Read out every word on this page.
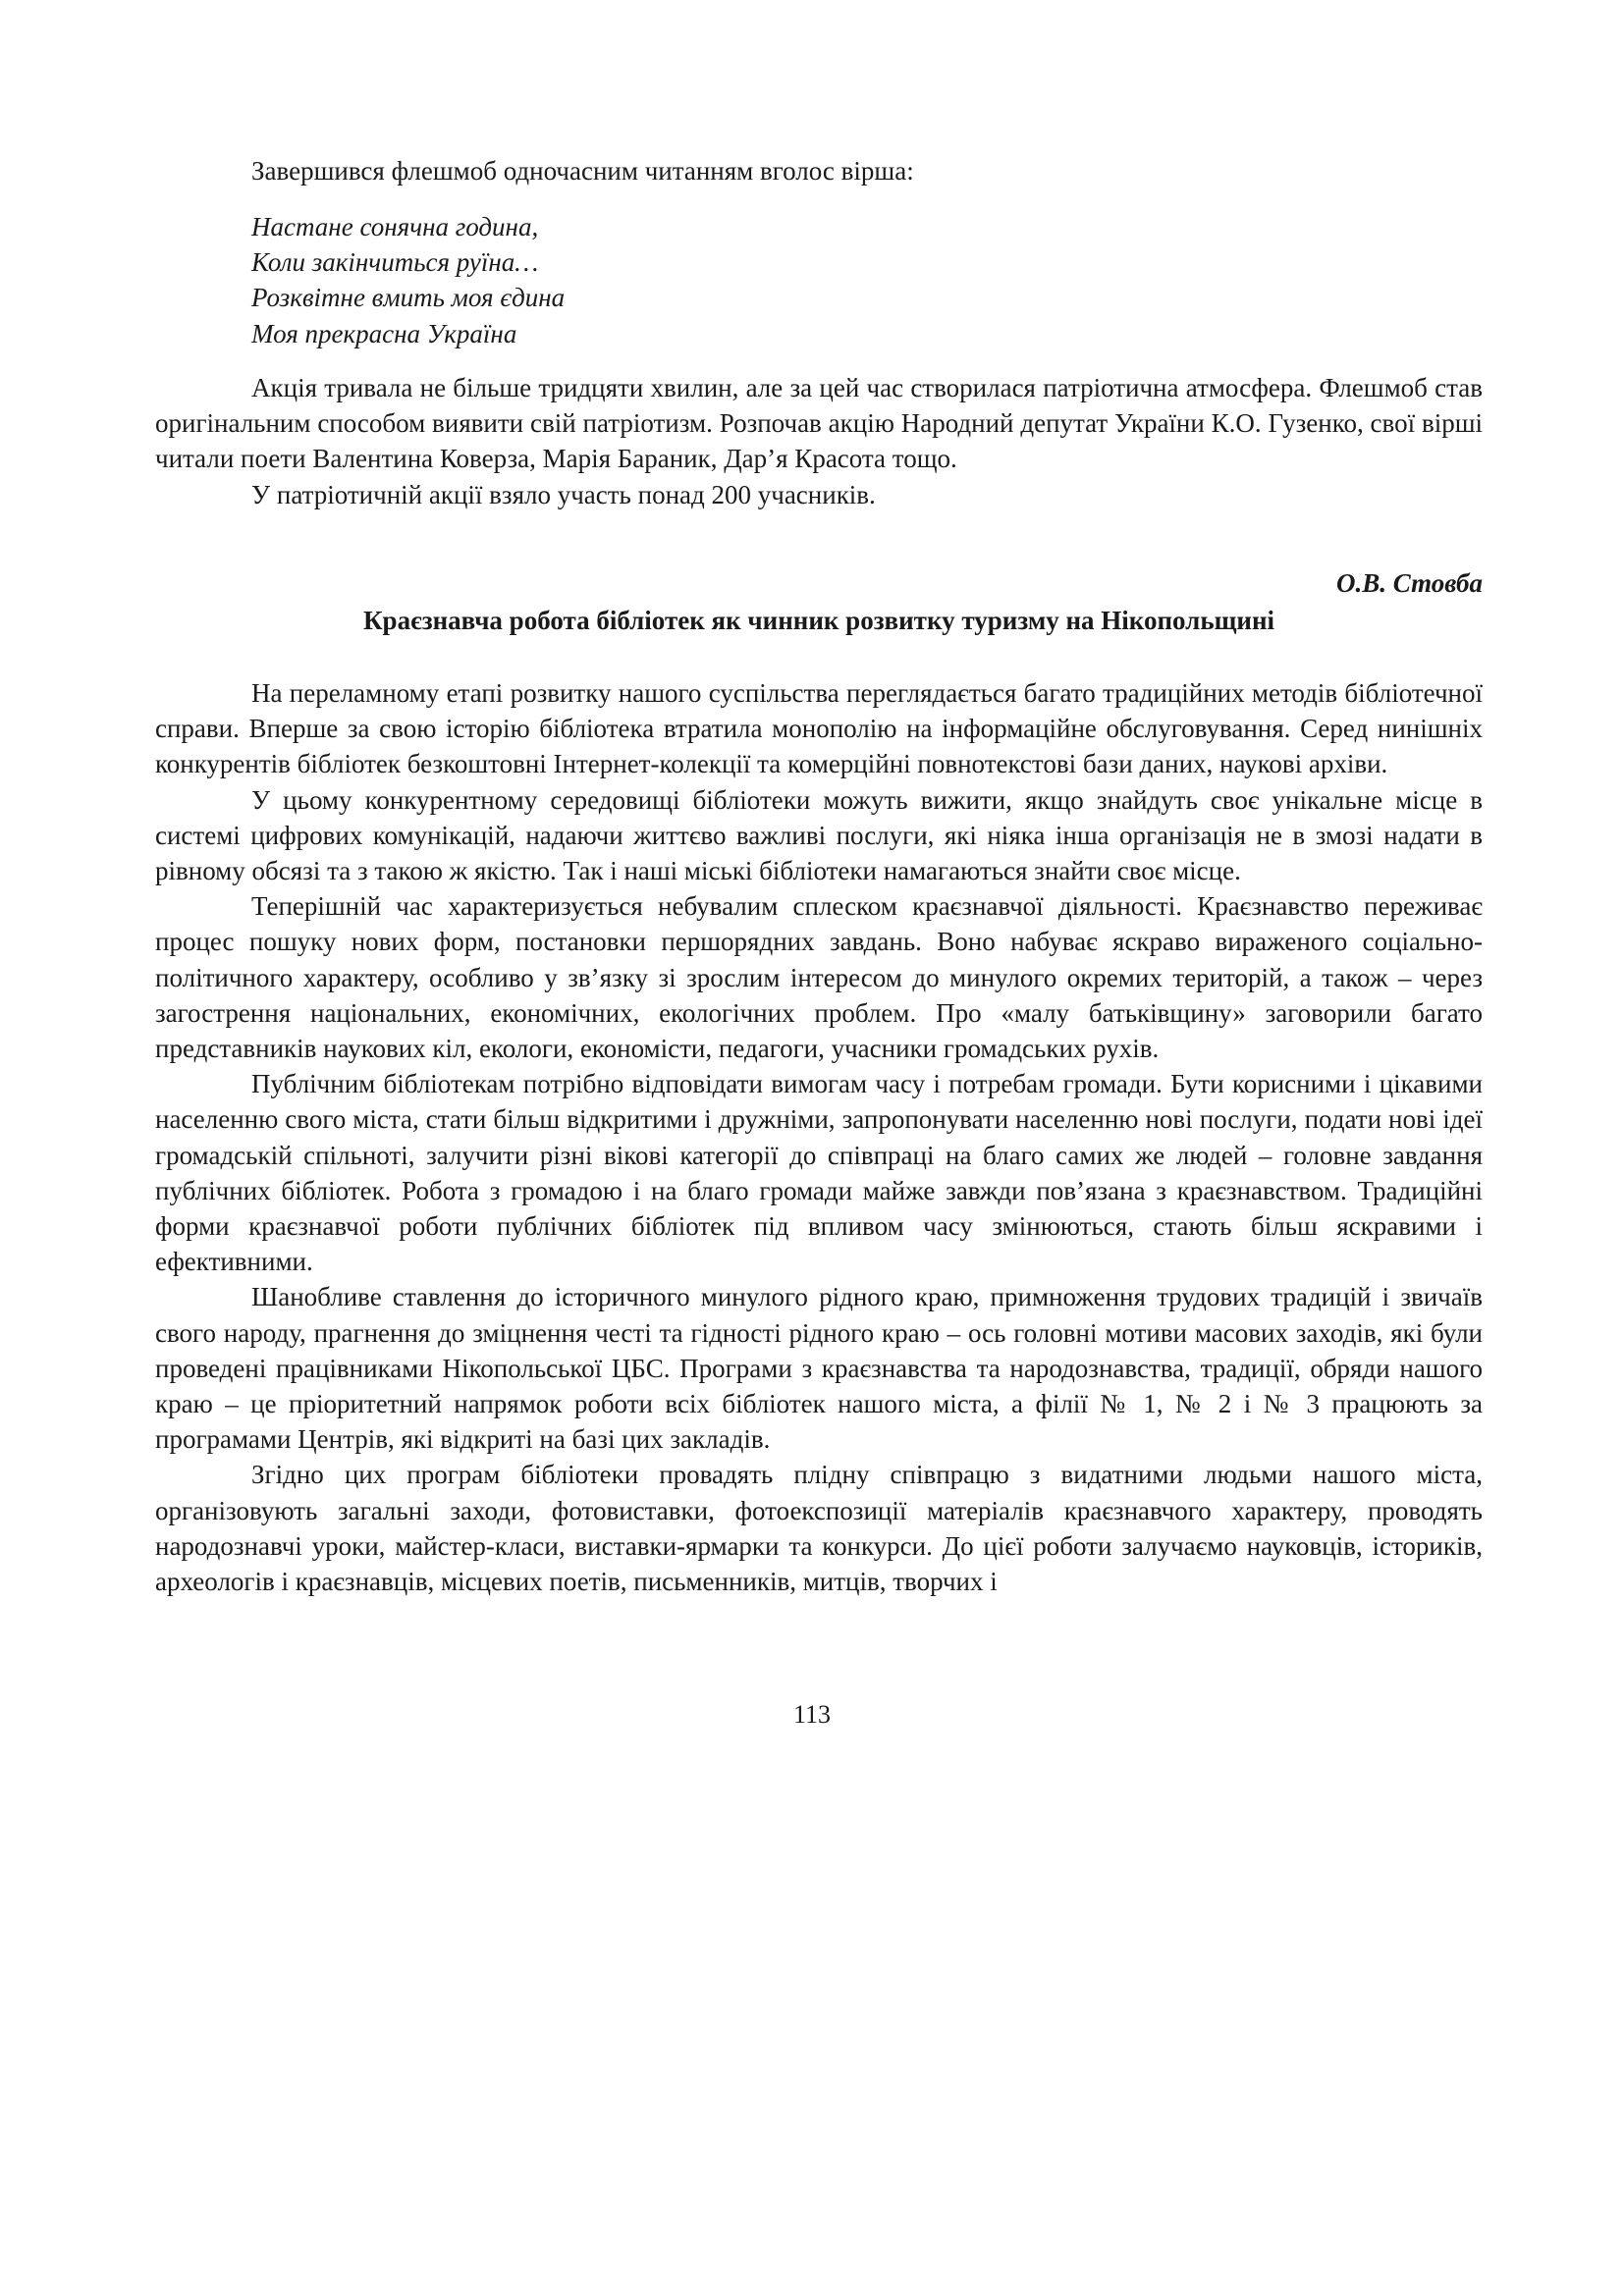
Завершився флешмоб одночасним читанням вголос вірша:

Настане сонячна година,
Коли закінчиться руїна…
Розквітне вмить моя єдина
Моя прекрасна Україна

Акція тривала не більше тридцяти хвилин, але за цей час створилася патріотична атмосфера. Флешмоб став оригінальним способом виявити свій патріотизм. Розпочав акцію Народний депутат України К.О. Гузенко, свої вірші читали поети Валентина Коверза, Марія Бараник, Дар’я Красота тощо.

У патріотичній акції взяло участь понад 200 учасників.

О.В. Стовба

Краєзнавча робота бібліотек як чинник розвитку туризму на Нікопольщині

На переламному етапі розвитку нашого суспільства переглядається багато традиційних методів бібліотечної справи. Вперше за свою історію бібліотека втратила монополію на інформаційне обслуговування. Серед нинішніх конкурентів бібліотек безкоштовні Інтернет-колекції та комерційні повнотекстові бази даних, наукові архіви.

У цьому конкурентному середовищі бібліотеки можуть вижити, якщо знайдуть своє унікальне місце в системі цифрових комунікацій, надаючи життєво важливі послуги, які ніяка інша організація не в змозі надати в рівному обсязі та з такою ж якістю. Так і наші міські бібліотеки намагаються знайти своє місце.

Теперішній час характеризується небувалим сплеском краєзнавчої діяльності. Краєзнавство переживає процес пошуку нових форм, постановки першорядних завдань. Воно набуває яскраво вираженого соціально-політичного характеру, особливо у зв’язку зі зрослим інтересом до минулого окремих територій, а також – через загострення національних, економічних, екологічних проблем. Про «малу батьківщину» заговорили багато представників наукових кіл, екологи, економісти, педагоги, учасники громадських рухів.

Публічним бібліотекам потрібно відповідати вимогам часу і потребам громади. Бути корисними і цікавими населенню свого міста, стати більш відкритими і дружніми, запропонувати населенню нові послуги, подати нові ідеї громадській спільноті, залучити різні вікові категорії до співпраці на благо самих же людей – головне завдання публічних бібліотек. Робота з громадою і на благо громади майже завжди пов’язана з краєзнавством. Традиційні форми краєзнавчої роботи публічних бібліотек під впливом часу змінюються, стають більш яскравими і ефективними.

Шанобливе ставлення до історичного минулого рідного краю, примноження трудових традицій і звичаїв свого народу, прагнення до зміцнення честі та гідності рідного краю – ось головні мотиви масових заходів, які були проведені працівниками Нікопольської ЦБС. Програми з краєзнавства та народознавства, традиції, обряди нашого краю – це пріоритетний напрямок роботи всіх бібліотек нашого міста, а філії № 1, № 2 і № 3 працюють за програмами Центрів, які відкриті на базі цих закладів.

Згідно цих програм бібліотеки провадять плідну співпрацю з видатними людьми нашого міста, організовують загальні заходи, фотовиставки, фотоекспозиції матеріалів краєзнавчого характеру, проводять народознавчі уроки, майстер-класи, виставки-ярмарки та конкурси. До цієї роботи залучаємо науковців, істориків, археологів і краєзнавців, місцевих поетів, письменників, митців, творчих і

113
